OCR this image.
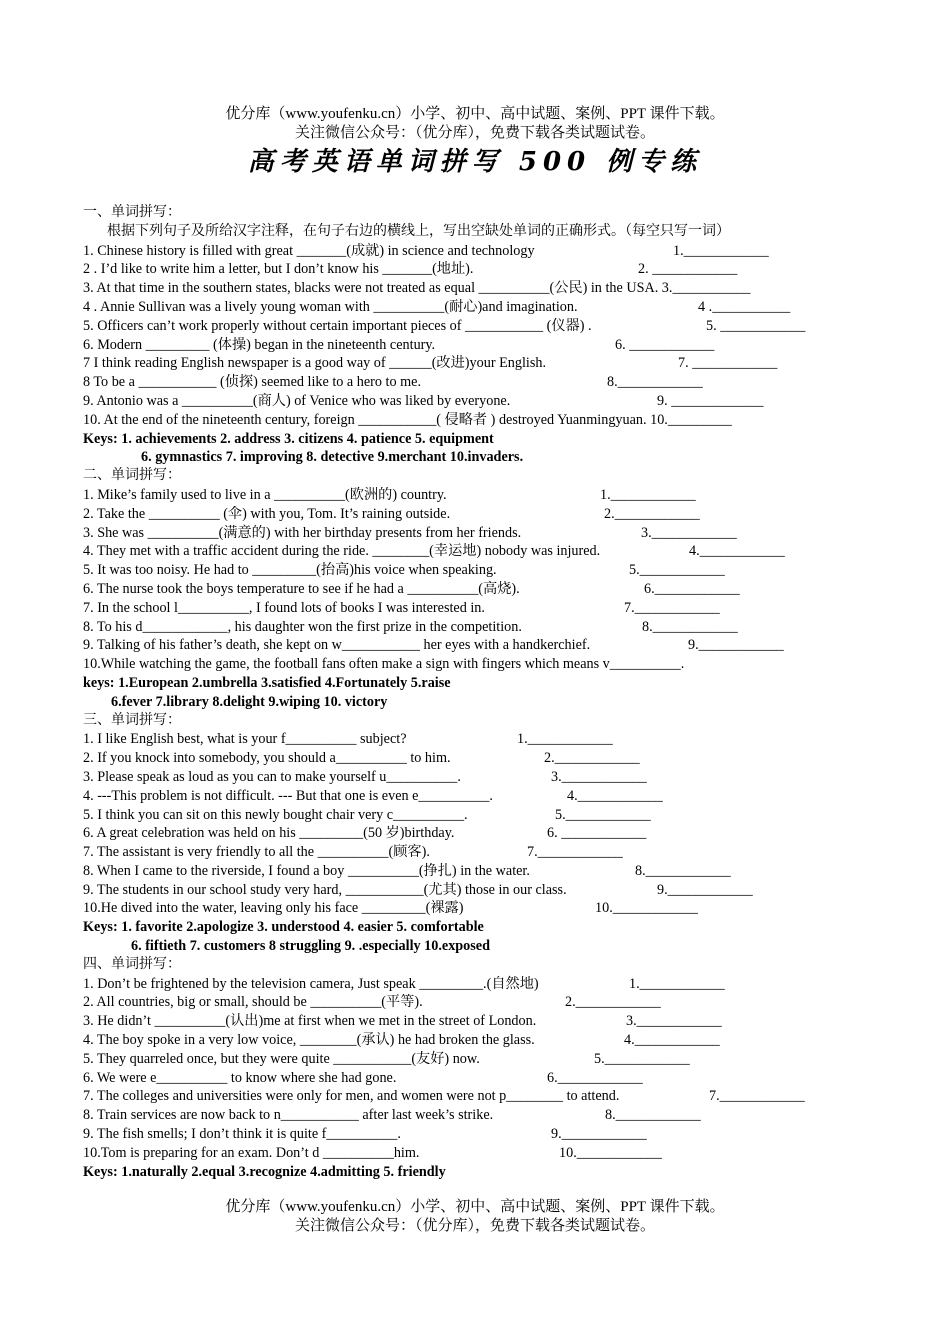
优分库（www.youfenku.cn）小学、初中、高中试题、案例、PPT 课件下载。
关注微信公众号：（优分库），免费下载各类试题试卷。
高考英语单词拼写 500 例专练
一、单词拼写：
根据下列句子及所给汉字注释，在句子右边的横线上，写出空缺处单词的正确形式。（每空只写一词）
1. Chinese history is filled with great _______(成就) in science and technology	1.____________
2 . I’d like to write him a letter, but I don’t know his _______(地址).	2. ____________
3. At that time in the southern states, blacks were not treated as equal __________(公民) in the USA. 3.___________
4 . Annie Sullivan was a lively young woman with __________(耐心)and imagination.	4 .___________
5. Officers can’t work properly without certain important pieces of ___________ (仪器) .	5. ____________
6. Modern _________ (体操) began in the nineteenth century.	6. ____________
7 I think reading English newspaper is a good way of ______(改进)your English.	7. ____________
8 To be a ___________ (侦探) seemed like to a hero to me.	8.____________
9. Antonio was a __________(商人) of Venice who was liked by everyone.	9. _____________
10. At the end of the nineteenth century, foreign ___________( 侵略者 ) destroyed Yuanmingyuan. 10._________
Keys: 1. achievements 2. address 3. citizens 4. patience 5. equipment
6. gymnastics 7. improving 8. detective 9.merchant 10.invaders.
二、单词拼写：
1. Mike’s family used to live in a __________(欧洲的) country.	1.____________
2. Take the __________ (伞) with you, Tom. It’s raining outside.	2.____________
3. She was __________(满意的) with her birthday presents from her friends.	3.____________
4. They met with a traffic accident during the ride. ________(幸运地) nobody was injured.	4.____________
5. It was too noisy. He had to _________(抬高)his voice when speaking.	5.____________
6. The nurse took the boys temperature to see if he had a __________(高烧).	6.____________
7. In the school l__________, I found lots of books I was interested in.	7.____________
8. To his d____________, his daughter won the first prize in the competition.	8.____________
9. Talking of his father’s death, she kept on w___________ her eyes with a handkerchief.	9.____________
10.While watching the game, the football fans often make a sign with fingers which means v__________.
keys: 1.European 2.umbrella 3.satisfied 4.Fortunately 5.raise
6.fever 7.library 8.delight 9.wiping 10. victory
三、单词拼写：
1. I like English best, what is your f__________ subject?	1.____________
2. If you knock into somebody, you should a__________ to him.	2.____________
3. Please speak as loud as you can to make yourself u__________.	3.____________
4. ---This problem is not difficult. --- But that one is even e__________.	4.____________
5. I think you can sit on this newly bought chair very c__________.	5.____________
6. A great celebration was held on his _________(50 岁)birthday.	6. ____________
7. The assistant is very friendly to all the __________(顾客).	7.____________
8. When I came to the riverside, I found a boy __________(挣扎) in the water.	8.____________
9. The students in our school study very hard, ___________(尤其) those in our class.	9.____________
10.He dived into the water, leaving only his face _________(裸露)	10.____________
Keys: 1. favorite 2.apologize 3. understood 4. easier 5. comfortable
6. fiftieth 7. customers 8 struggling 9. .especially 10.exposed
四、单词拼写：
1. Don’t be frightened by the television camera, Just speak _________.(自然地)	1.____________
2. All countries, big or small, should be __________(平等).	2.____________
3. He didn’t __________(认出)me at first when we met in the street of London.	3.____________
4. The boy spoke in a very low voice, ________(承认) he had broken the glass.	4.____________
5. They quarreled once, but they were quite ___________(友好) now.	5.____________
6. We were e__________ to know where she had gone.	6.____________
7. The colleges and universities were only for men, and women were not p________ to attend.	7.____________
8. Train services are now back to n___________ after last week’s strike.	8.____________
9. The fish smells; I don’t think it is quite f__________.	9.____________
10.Tom is preparing for an exam. Don’t d __________him.	10.____________
Keys: 1.naturally 2.equal 3.recognize 4.admitting 5. friendly
优分库（www.youfenku.cn）小学、初中、高中试题、案例、PPT 课件下载。
关注微信公众号：（优分库），免费下载各类试题试卷。
